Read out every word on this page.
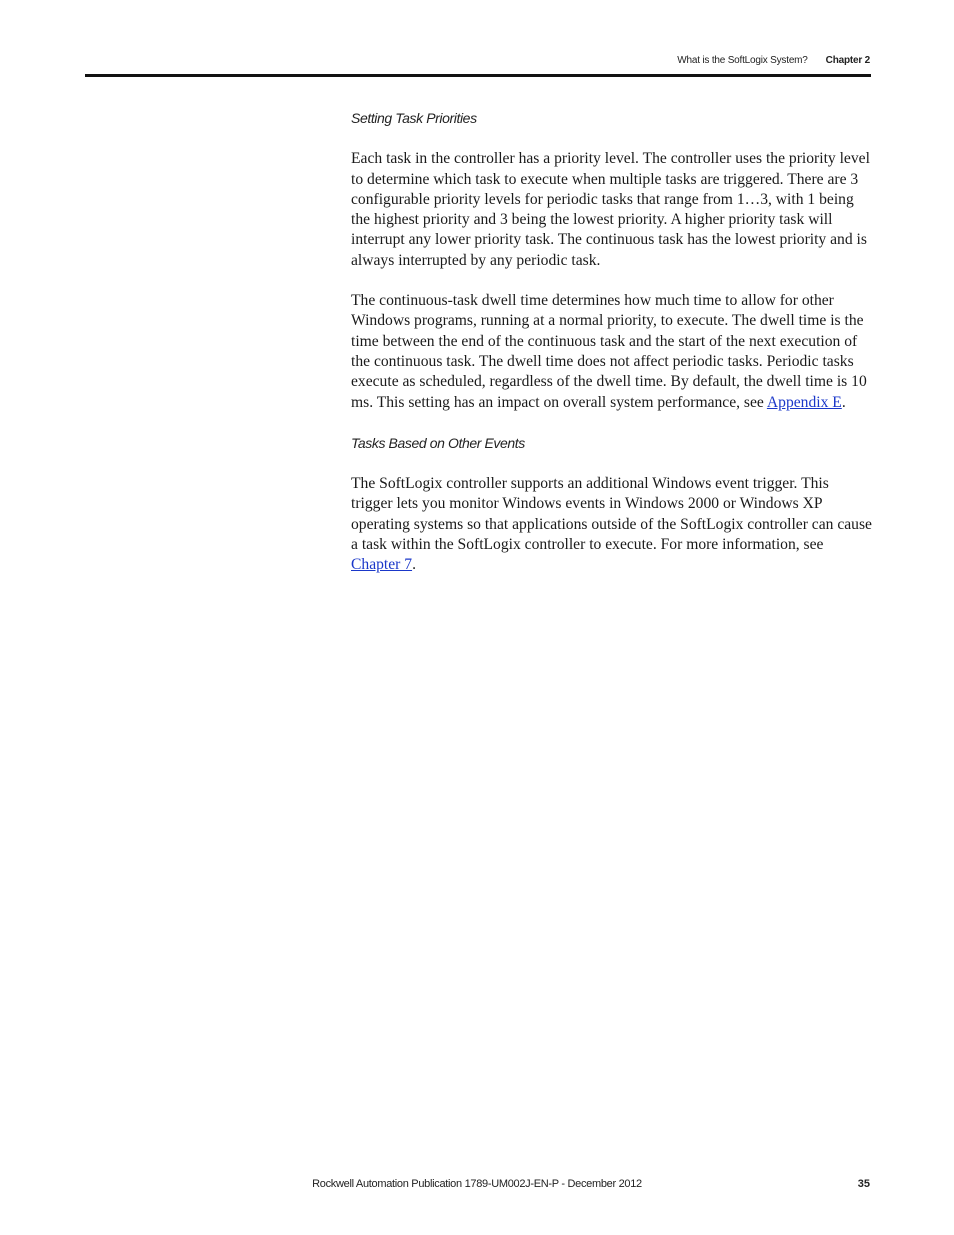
What is the SoftLogix System? Chapter 2
Setting Task Priorities

Each task in the controller has a priority level. The controller uses the priority level to determine which task to execute when multiple tasks are triggered. There are 3 configurable priority levels for periodic tasks that range from 1…3, with 1 being the highest priority and 3 being the lowest priority. A higher priority task will interrupt any lower priority task. The continuous task has the lowest priority and is always interrupted by any periodic task.

The continuous-task dwell time determines how much time to allow for other Windows programs, running at a normal priority, to execute. The dwell time is the time between the end of the continuous task and the start of the next execution of the continuous task. The dwell time does not affect periodic tasks. Periodic tasks execute as scheduled, regardless of the dwell time. By default, the dwell time is 10 ms. This setting has an impact on overall system performance, see Appendix E.

Tasks Based on Other Events

The SoftLogix controller supports an additional Windows event trigger. This trigger lets you monitor Windows events in Windows 2000 or Windows XP operating systems so that applications outside of the SoftLogix controller can cause a task within the SoftLogix controller to execute. For more information, see Chapter 7.

Rockwell Automation Publication 1789-UM002J-EN-P - December 2012	35
